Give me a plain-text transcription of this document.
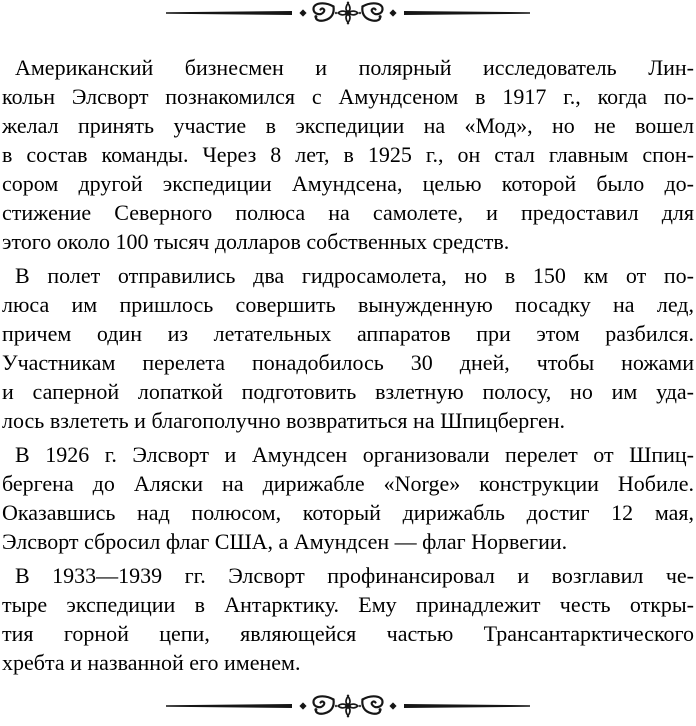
Американский бизнесмен и полярный исследователь Лин-
кольн Элсворт познакомился с Амундсеном в 1917 г., когда по-
желал принять участие в экспедиции на «Мод», но не вошел
в состав команды. Через 8 лет, в 1925 г., он стал главным спон-
сором другой экспедиции Амундсена, целью которой было до-
стижение Северного полюса на самолете, и предоставил для
этого около 100 тысяч долларов собственных средств.
В полет отправились два гидросамолета, но в 150 км от по-
люса им пришлось совершить вынужденную посадку на лед,
причем один из летательных аппаратов при этом разбился.
Участникам перелета понадобилось 30 дней, чтобы ножами
и саперной лопаткой подготовить взлетную полосу, но им уда-
лось взлететь и благополучно возвратиться на Шпицберген.
В 1926 г. Элсворт и Амундсен организовали перелет от Шпиц-
бергена до Аляски на дирижабле «Norge» конструкции Нобиле.
Оказавшись над полюсом, который дирижабль достиг 12 мая,
Элсворт сбросил флаг США, а Амундсен — флаг Норвегии.
В 1933—1939 гг. Элсворт профинансировал и возглавил че-
тыре экспедиции в Антарктику. Ему принадлежит честь откры-
тия горной цепи, являющейся частью Трансантарктического
хребта и названной его именем.
